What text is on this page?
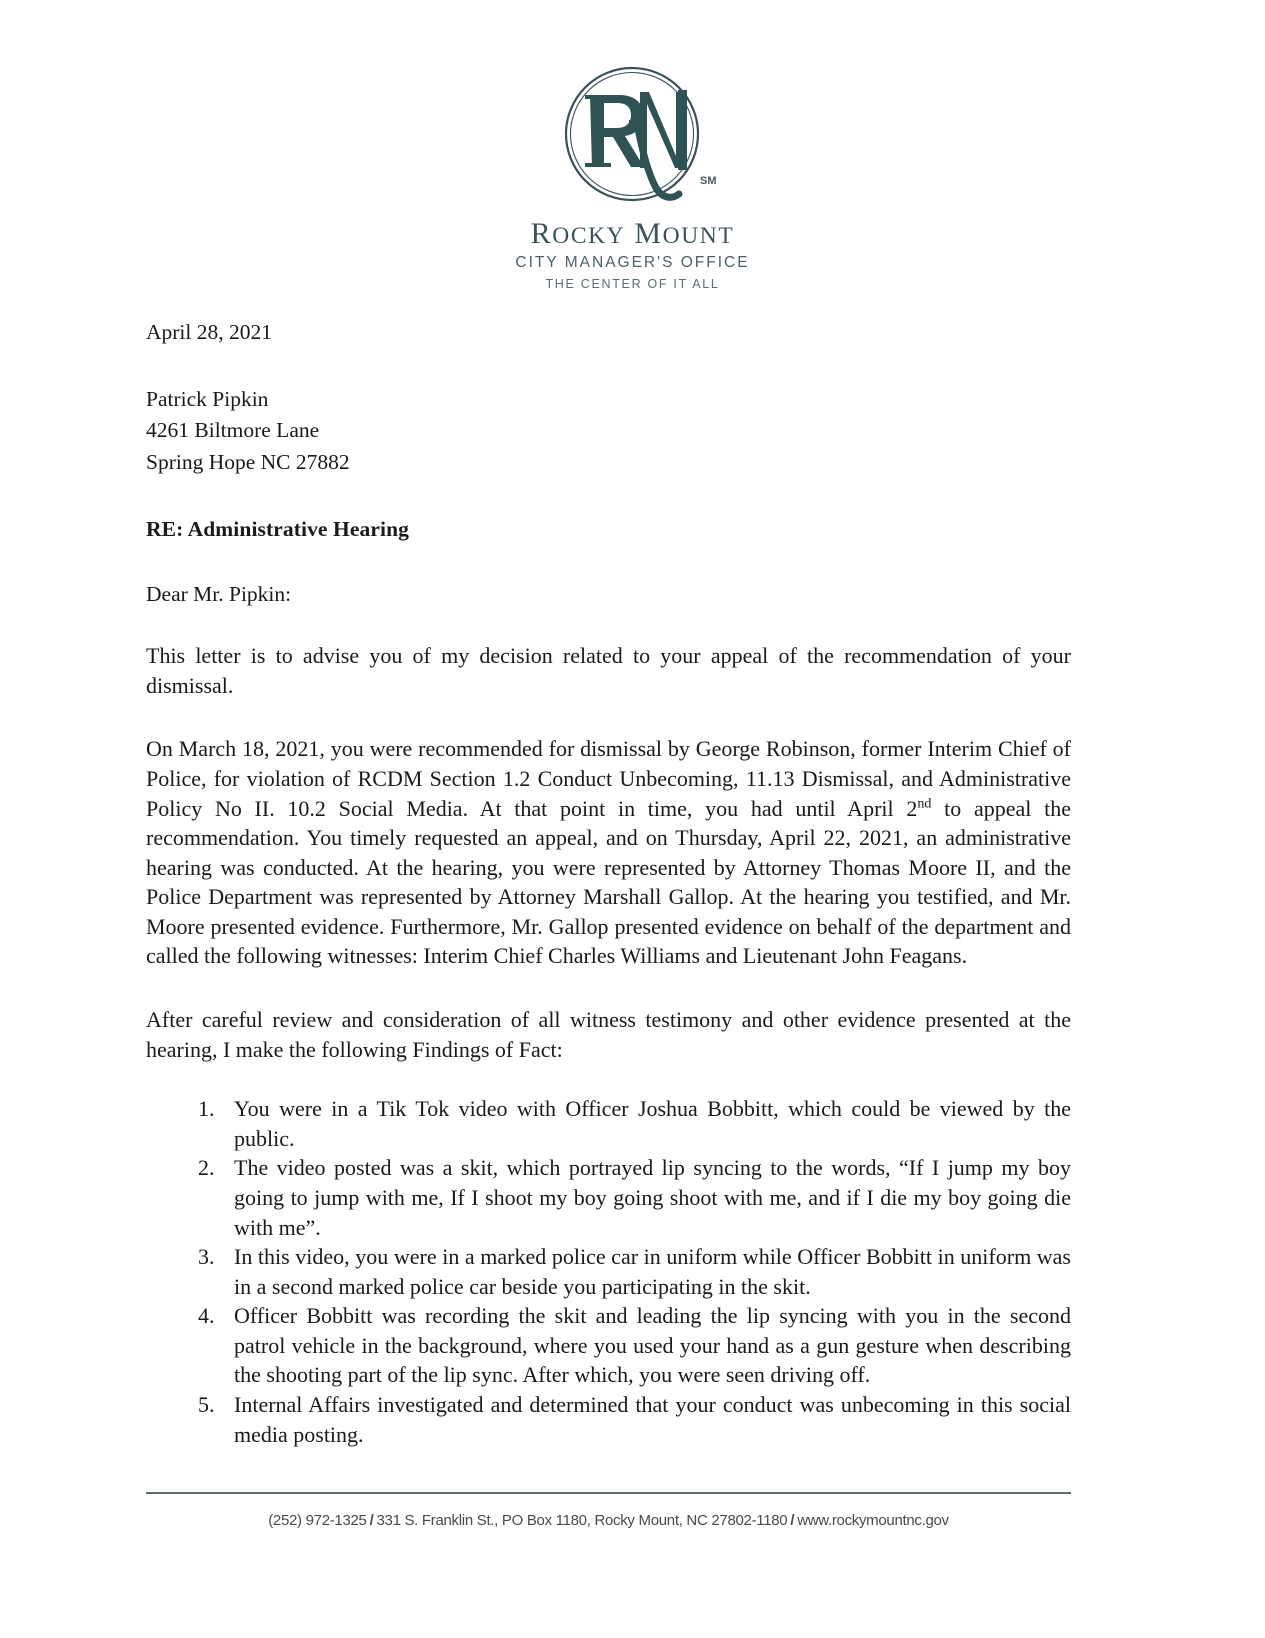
SM
ROCKY MOUNT
CITY MANAGER'S OFFICE
THE CENTER OF IT ALL
April 28, 2021
Patrick Pipkin
4261 Biltmore Lane
Spring Hope NC 27882
RE: Administrative Hearing
Dear Mr. Pipkin:

This letter is to advise you of my decision related to your appeal of the recommendation of your dismissal.

On March 18, 2021, you were recommended for dismissal by George Robinson, former Interim Chief of Police, for violation of RCDM Section 1.2 Conduct Unbecoming, 11.13 Dismissal, and Administrative Policy No II. 10.2 Social Media. At that point in time, you had until April 2nd to appeal the recommendation. You timely requested an appeal, and on Thursday, April 22, 2021, an administrative hearing was conducted. At the hearing, you were represented by Attorney Thomas Moore II, and the Police Department was represented by Attorney Marshall Gallop. At the hearing you testified, and Mr. Moore presented evidence. Furthermore, Mr. Gallop presented evidence on behalf of the department and called the following witnesses: Interim Chief Charles Williams and Lieutenant John Feagans.

After careful review and consideration of all witness testimony and other evidence presented at the hearing, I make the following Findings of Fact:

1. You were in a Tik Tok video with Officer Joshua Bobbitt, which could be viewed by the public.
2. The video posted was a skit, which portrayed lip syncing to the words, “If I jump my boy going to jump with me, If I shoot my boy going shoot with me, and if I die my boy going die with me”.
3. In this video, you were in a marked police car in uniform while Officer Bobbitt in uniform was in a second marked police car beside you participating in the skit.
4. Officer Bobbitt was recording the skit and leading the lip syncing with you in the second patrol vehicle in the background, where you used your hand as a gun gesture when describing the shooting part of the lip sync. After which, you were seen driving off.
5. Internal Affairs investigated and determined that your conduct was unbecoming in this social media posting.
(252) 972-1325 / 331 S. Franklin St., PO Box 1180, Rocky Mount, NC 27802-1180 / www.rockymountnc.gov
